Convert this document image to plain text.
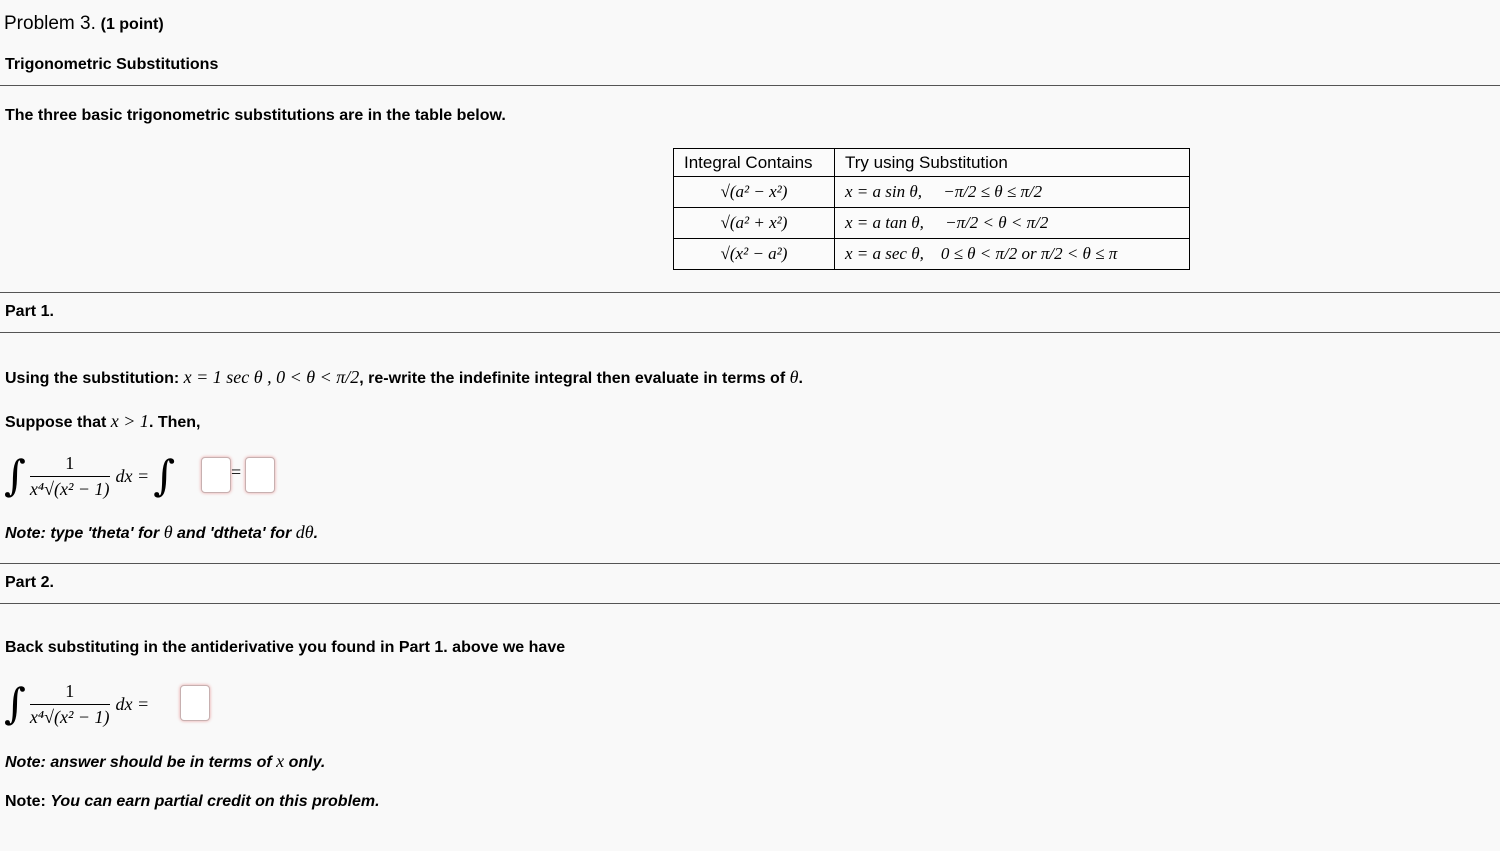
Problem 3. (1 point)
Trigonometric Substitutions
The three basic trigonometric substitutions are in the table below.
Integral Contains	Try using Substitution
√(a² − x²)	x = a sin θ, −π/2 ≤ θ ≤ π/2
√(a² + x²)	x = a tan θ, −π/2 < θ < π/2
√(x² − a²)	x = a sec θ, 0 ≤ θ < π/2 or π/2 < θ ≤ π
Part 1.
Using the substitution: x = 1 sec θ , 0 < θ < π/2, re-write the indefinite integral then evaluate in terms of θ.
Suppose that x > 1. Then,
∫ $\frac{1}{\text{x⁴√(x² − 1)}}$ dx = ∫	=
Note: type 'theta' for θ and 'dtheta' for dθ.
Part 2.
Back substituting in the antiderivative you found in Part 1. above we have
∫ $\frac{1}{\text{x⁴√(x² − 1)}}$ dx =
Note: answer should be in terms of x only.
Note: You can earn partial credit on this problem.
